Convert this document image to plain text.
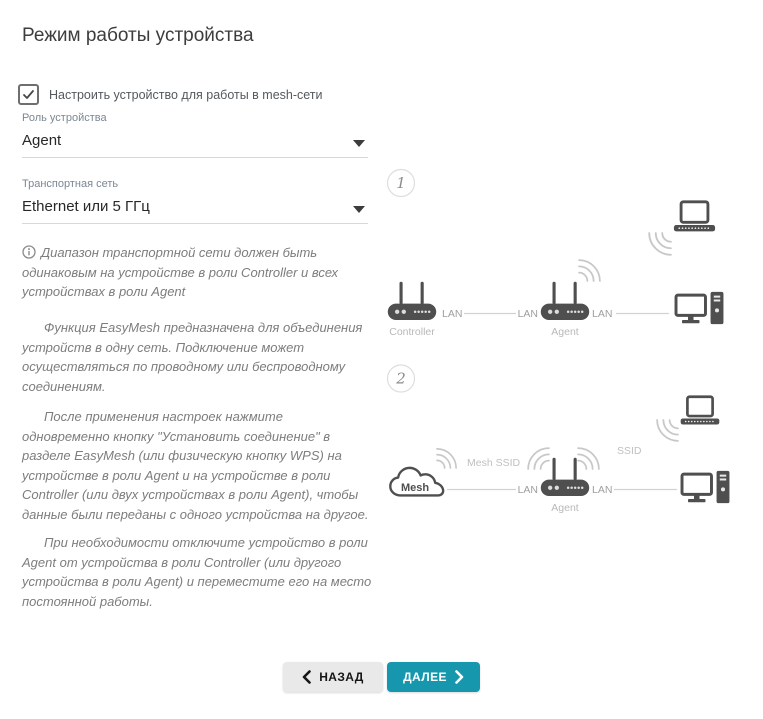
Режим работы устройства
Настроить устройство для работы в mesh-сети
Роль устройства
Agent
Транспортная сеть
Ethernet или 5 ГГц

Диапазон транспортной сети должен быть одинаковым на устройстве в роли Controller и всех устройствах в роли Agent

Функция EasyMesh предназначена для объединения устройств в одну сеть. Подключение может осуществляться по проводному или беспроводному соединениям.

После применения настроек нажмите одновременно кнопку "Установить соединение" в разделе EasyMesh (или физическую кнопку WPS) на устройстве в роли Agent и на устройстве в роли Controller (или двух устройствах в роли Agent), чтобы данные были переданы с одного устройства на другое.

При необходимости отключите устройство в роли Agent от устройства в роли Controller (или другого устройства в роли Agent) и переместите его на место постоянной работы.

1
Controller
LAN	LAN
Agent
LAN
2
SSID
Mesh
Mesh SSID
LAN
Agent
LAN
НАЗАД	ДАЛЕЕ
